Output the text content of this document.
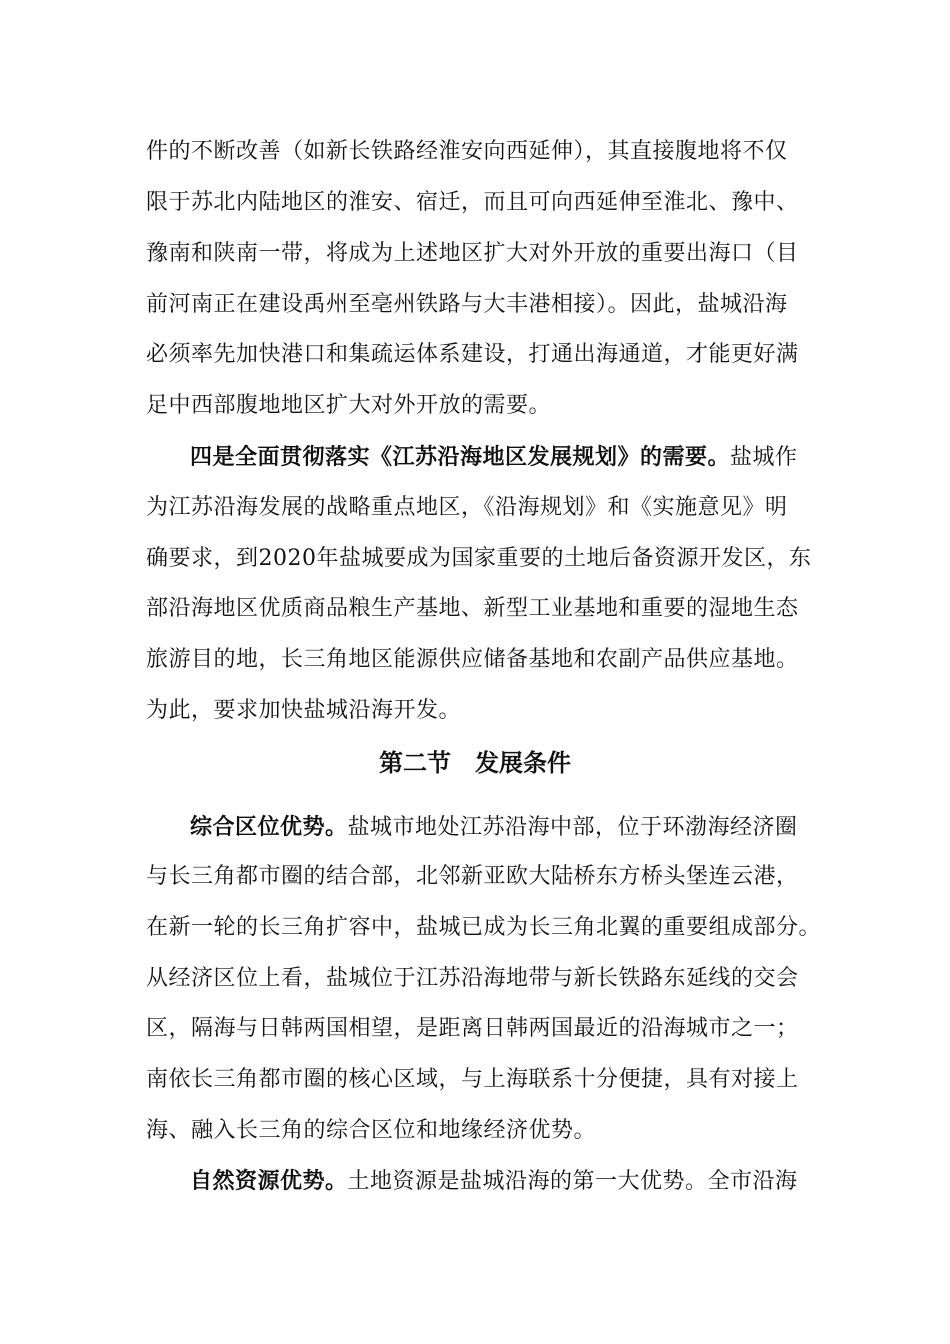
件的不断改善（如新长铁路经淮安向西延伸），其直接腹地将不仅
限于苏北内陆地区的淮安、宿迁，而且可向西延伸至淮北、豫中、
豫南和陕南一带，将成为上述地区扩大对外开放的重要出海口（目
前河南正在建设禹州至亳州铁路与大丰港相接）。因此，盐城沿海
必须率先加快港口和集疏运体系建设，打通出海通道，才能更好满
足中西部腹地地区扩大对外开放的需要。
四是全面贯彻落实《江苏沿海地区发展规划》的需要。盐城作
为江苏沿海发展的战略重点地区，《沿海规划》和《实施意见》明
确要求，到2020年盐城要成为国家重要的土地后备资源开发区，东
部沿海地区优质商品粮生产基地、新型工业基地和重要的湿地生态
旅游目的地，长三角地区能源供应储备基地和农副产品供应基地。
为此，要求加快盐城沿海开发。
第二节　发展条件
综合区位优势。盐城市地处江苏沿海中部，位于环渤海经济圈
与长三角都市圈的结合部，北邻新亚欧大陆桥东方桥头堡连云港，
在新一轮的长三角扩容中，盐城已成为长三角北翼的重要组成部分。
从经济区位上看，盐城位于江苏沿海地带与新长铁路东延线的交会
区，隔海与日韩两国相望，是距离日韩两国最近的沿海城市之一；
南依长三角都市圈的核心区域，与上海联系十分便捷，具有对接上
海、融入长三角的综合区位和地缘经济优势。
自然资源优势。土地资源是盐城沿海的第一大优势。全市沿海
